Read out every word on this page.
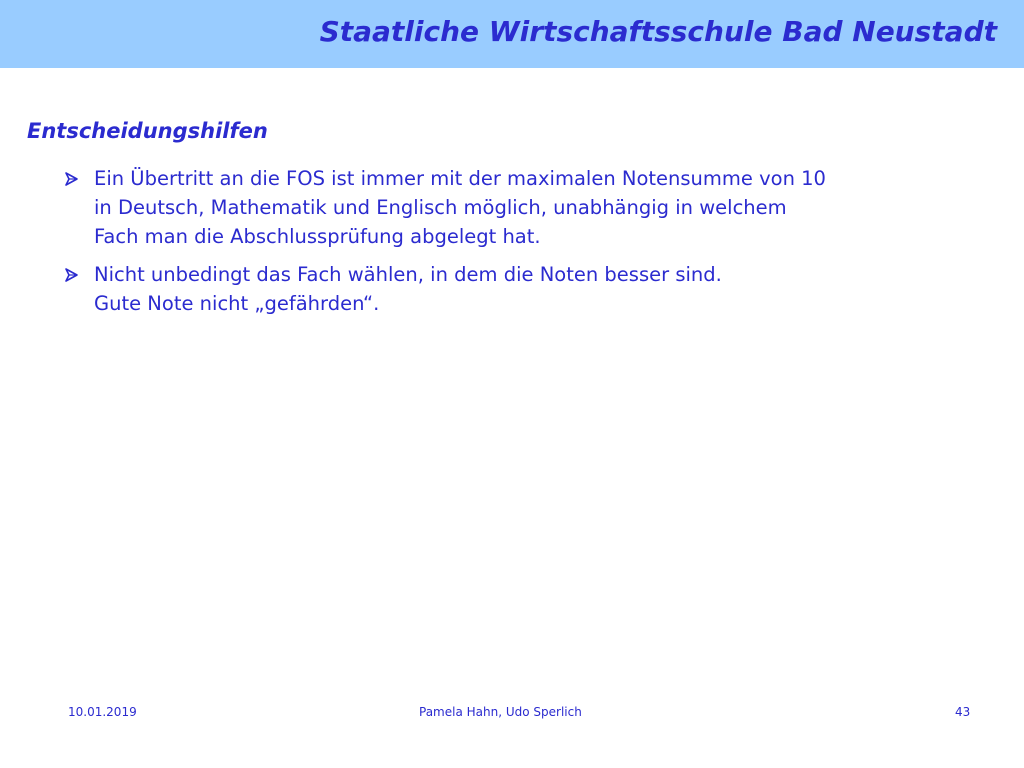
Staatliche Wirtschaftsschule Bad Neustadt
Entscheidungshilfen
Ein Übertritt an die FOS ist immer mit der maximalen Notensumme von 10
in Deutsch, Mathematik und Englisch möglich, unabhängig in welchem
Fach man die Abschlussprüfung abgelegt hat.
Nicht unbedingt das Fach wählen, in dem die Noten besser sind.
Gute Note nicht „gefährden“.
10.01.2019	Pamela Hahn, Udo Sperlich	43
